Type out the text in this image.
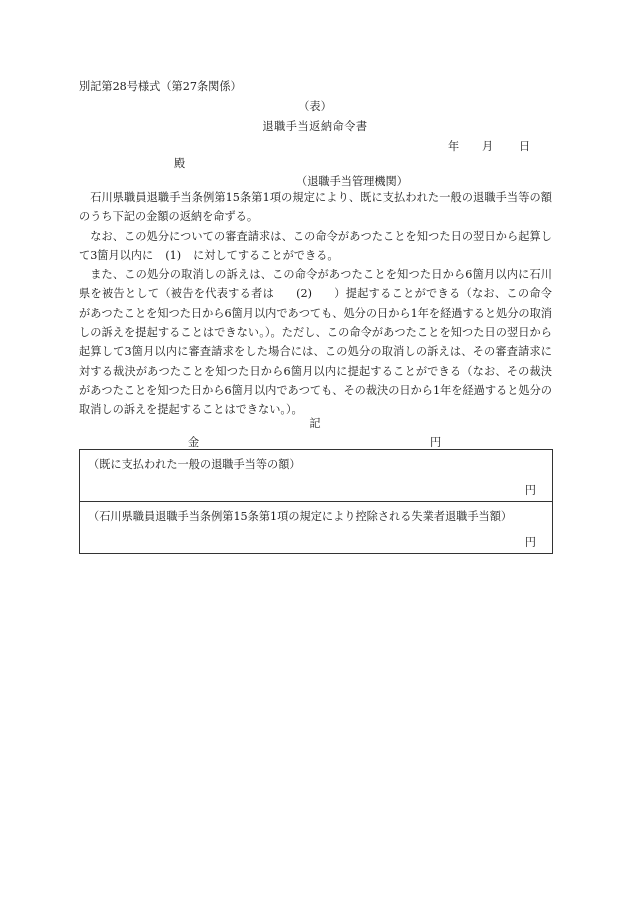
別記第28号様式（第27条関係）
（表）
退職手当返納命令書
年 月 日
殿
（退職手当管理機関）

石川県職員退職手当条例第15条第1項の規定により、既に支払われた一般の退職手当等の額のうち下記の金額の返納を命ずる。

なお、この処分についての審査請求は、この命令があつたことを知つた日の翌日から起算して3箇月以内に (1) に対してすることができる。

また、この処分の取消しの訴えは、この命令があつたことを知つた日から6箇月以内に石川県を被告として（被告を代表する者は (2) ）提起することができる（なお、この命令があつたことを知つた日から6箇月以内であつても、処分の日から1年を経過すると処分の取消しの訴えを提起することはできない。）。ただし、この命令があつたことを知つた日の翌日から起算して3箇月以内に審査請求をした場合には、この処分の取消しの訴えは、その審査請求に対する裁決があつたことを知つた日から6箇月以内に提起することができる（なお、その裁決があつたことを知つた日から6箇月以内であつても、その裁決の日から1年を経過すると処分の取消しの訴えを提起することはできない。）。

記
金	円
（既に支払われた一般の退職手当等の額）
円
（石川県職員退職手当条例第15条第1項の規定により控除される失業者退職手当額）
円
